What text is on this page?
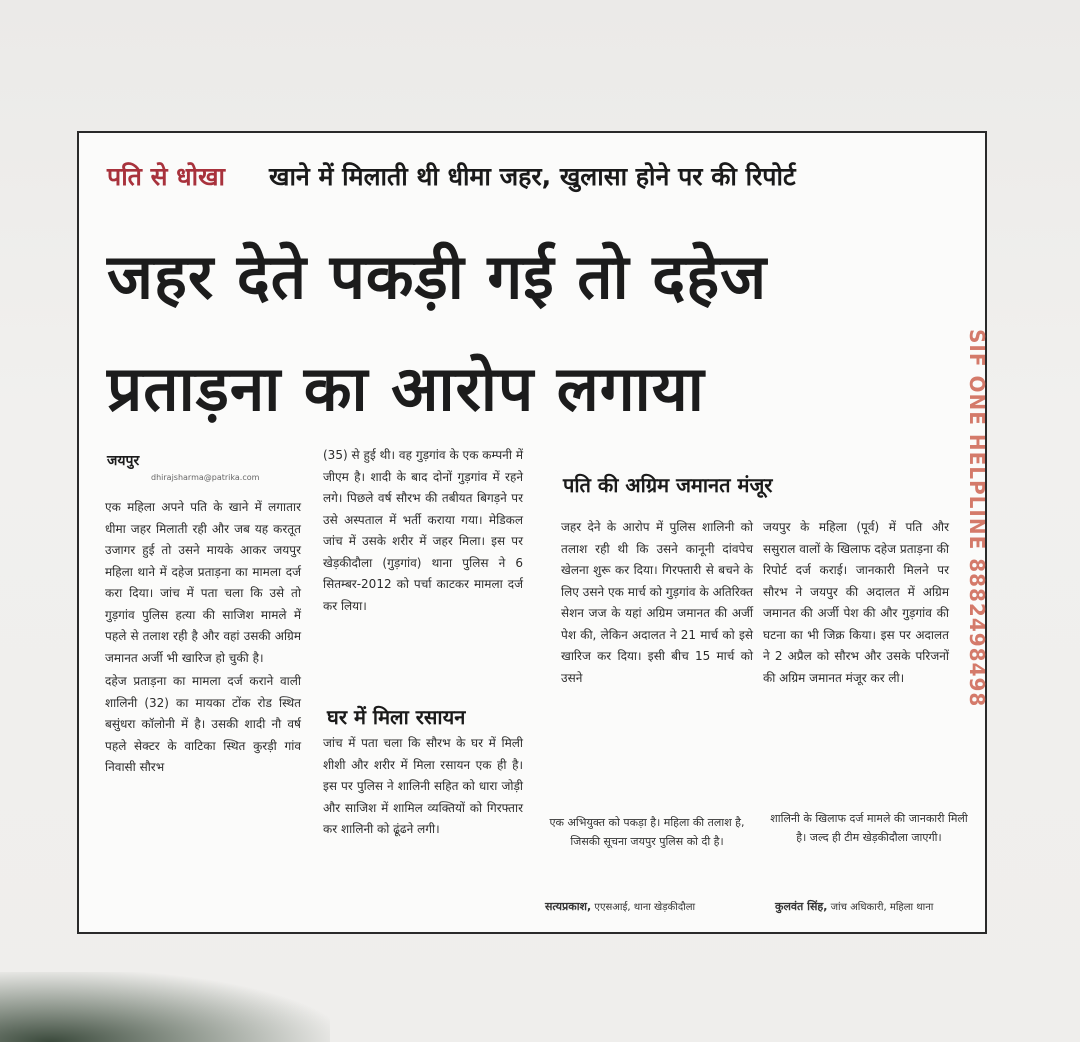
पति से धोखा खाने में मिलाती थी धीमा जहर, खुलासा होने पर की रिपोर्ट
जहर देते पकड़ी गई तो दहेज
प्रताड़ना का आरोप लगाया	SIF ONE HELPLINE 8882498498
जयपुर
dhirajsharma@patrika.com

एक महिला अपने पति के खाने में लगातार धीमा जहर मिलाती रही और जब यह करतूत उजागर हुई तो उसने मायके आकर जयपुर महिला थाने में दहेज प्रताड़ना का मामला दर्ज करा दिया। जांच में पता चला कि उसे तो गुड़गांव पुलिस हत्या की साजिश मामले में पहले से तलाश रही है और वहां उसकी अग्रिम जमानत अर्जी भी खारिज हो चुकी है।

दहेज प्रताड़ना का मामला दर्ज कराने वाली शालिनी (32) का मायका टोंक रोड स्थित बसुंधरा कॉलोनी में है। उसकी शादी नौ वर्ष पहले सेक्टर के वाटिका स्थित कुरड़ी गांव निवासी सौरभ

(35) से हुई थी। वह गुड़गांव के एक कम्पनी में जीएम है। शादी के बाद दोनों गुड़गांव में रहने लगे। पिछले वर्ष सौरभ की तबीयत बिगड़ने पर उसे अस्पताल में भर्ती कराया गया। मेडिकल जांच में उसके शरीर में जहर मिला। इस पर खेड़कीदौला (गुड़गांव) थाना पुलिस ने 6 सितम्बर-2012 को पर्चा काटकर मामला दर्ज कर लिया।

घर में मिला रसायन

जांच में पता चला कि सौरभ के घर में मिली शीशी और शरीर में मिला रसायन एक ही है। इस पर पुलिस ने शालिनी सहित को धारा जोड़ी और साजिश में शामिल व्यक्तियों को गिरफ्तार कर शालिनी को ढूंढने लगी।

पति की अग्रिम जमानत मंजूर

जहर देने के आरोप में पुलिस शालिनी को तलाश रही थी कि उसने कानूनी दांवपेच खेलना शुरू कर दिया। गिरफ्तारी से बचने के लिए उसने एक मार्च को गुड़गांव के अतिरिक्त सेशन जज के यहां अग्रिम जमानत की अर्जी पेश की, लेकिन अदालत ने 21 मार्च को इसे खारिज कर दिया। इसी बीच 15 मार्च को उसने

जयपुर के महिला (पूर्व) में पति और ससुराल वालों के खिलाफ दहेज प्रताड़ना की रिपोर्ट दर्ज कराई। जानकारी मिलने पर सौरभ ने जयपुर की अदालत में अग्रिम जमानत की अर्जी पेश की और गुड़गांव की घटना का भी जिक्र किया। इस पर अदालत ने 2 अप्रैल को सौरभ और उसके परिजनों की अग्रिम जमानत मंजूर कर ली।

एक अभियुक्त को पकड़ा है। महिला की तलाश है, जिसकी सूचना जयपुर पुलिस को दी है।
शालिनी के खिलाफ दर्ज मामले की जानकारी मिली है। जल्द ही टीम खेड़कीदौला जाएगी।
सत्यप्रकाश, एएसआई, थाना खेड़कीदौला	कुलवंत सिंह, जांच अधिकारी, महिला थाना
